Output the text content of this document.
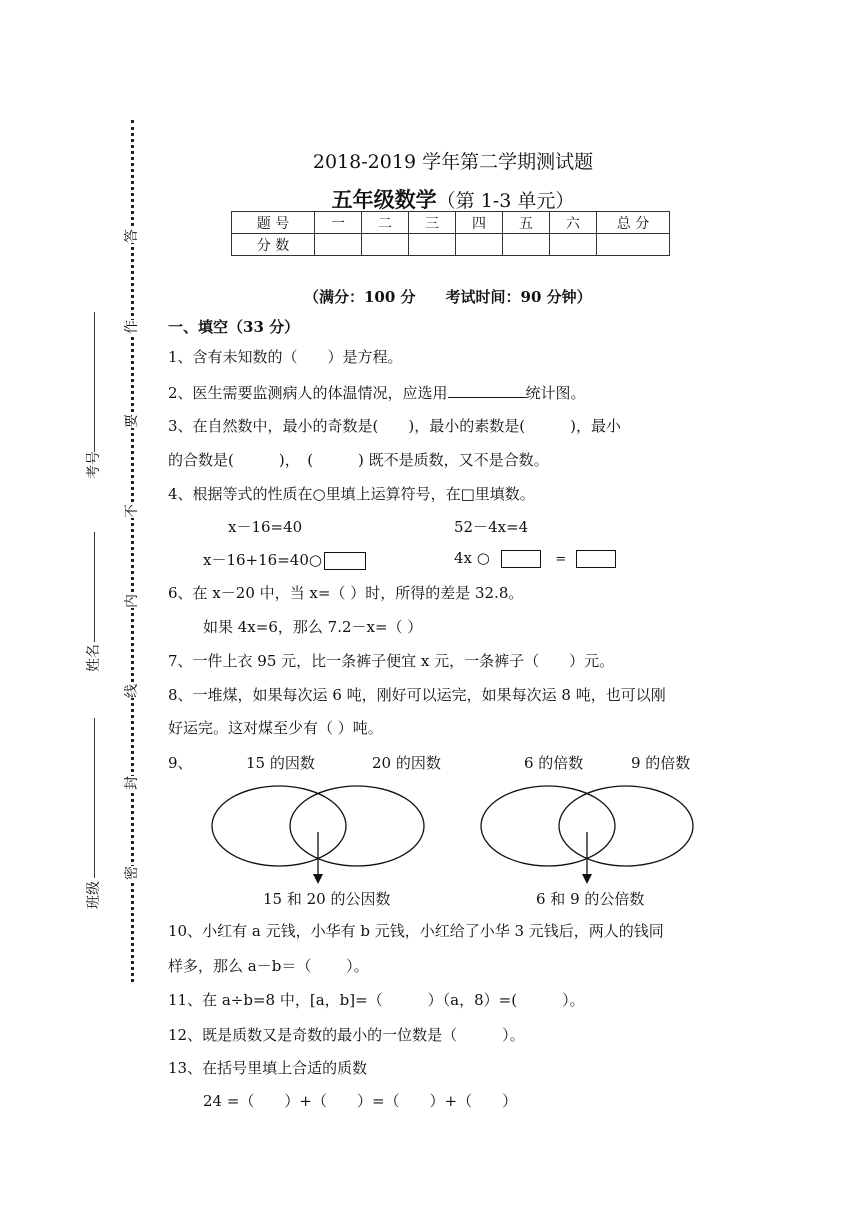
答
作
要
不
内
线
封
密
考号
姓名
班级
2018-2019 学年第二学期测试题
五年级数学（第 1-3 单元）
题 号	一	二	三	四	五	六	总 分
分 数							
（满分：100 分　　考试时间：90 分钟）
一、填空（33 分）
1、含有未知数的（　　）是方程。
2、医生需要监测病人的体温情况，应选用	统计图。
3、在自然数中，最小的奇数是(　　)，最小的素数是(　　　)，最小
的合数是(　　　)，　(　　　) 既不是质数，又不是合数。
4、根据等式的性质在○里填上运算符号，在□里填数。
x－16=40	52－4x=4
x－16+16=40○	4x ○	=
6、在 x－20 中，当 x=（ ）时，所得的差是 32.8。
如果 4x=6，那么 7.2－x=（ ）
7、一件上衣 95 元，比一条裤子便宜 x 元，一条裤子（　　）元。
8、一堆煤，如果每次运 6 吨，刚好可以运完，如果每次运 8 吨，也可以刚
好运完。这对煤至少有（ ）吨。
9、	15 的因数	20 的因数	6 的倍数	9 的倍数
15 和 20 的公因数	6 和 9 的公倍数
10、小红有 a 元钱，小华有 b 元钱，小红给了小华 3 元钱后，两人的钱同
样多，那么 a－b＝（　　 ）。
11、在 a÷b=8 中，[a，b]=（　　　）（a，8）=(　　　）。
12、既是质数又是奇数的最小的一位数是（　　　）。
13、在括号里填上合适的质数
24 =（　　）+（　　）=（　　）+（　　）
